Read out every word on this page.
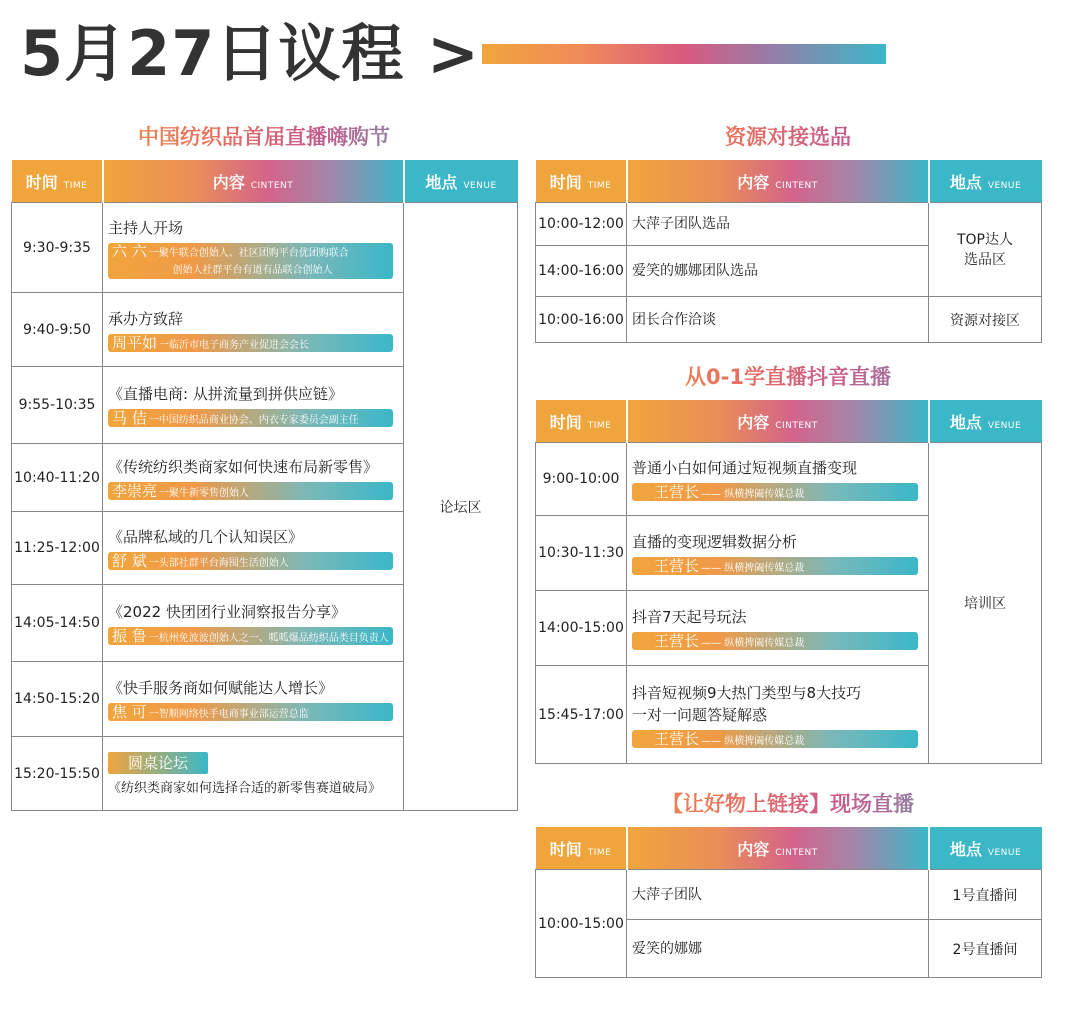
5月27日议程 >
中国纺织品首届直播嗨购节
时间 TIME	内容 CINTENT	地点 VENUE
9:30-9:35	主持人开场
六 六 一聚牛联合创始人、社区团购平台优团购联合
创始人社群平台有道有品联合创始人	论坛区
9:40-9:50	承办方致辞
周平如 一临沂市电子商务产业促进会会长	

9:55-10:35	《直播电商: 从拼流量到拼供应链》
马 佶 一中国纺织品商业协会、内衣专家委员会副主任	

10:40-11:20	《传统纺织类商家如何快速布局新零售》
李崇亮 一聚牛新零售创始人	

11:25-12:00	《品牌私域的几个认知误区》
舒 斌 一头部社群平台海囤生活创始人	

14:05-14:50	《2022 快团团行业洞察报告分享》
振 鲁 一杭州免波波创始人之一、呱呱爆品纺织品类目负责人	

14:50-15:20	《快手服务商如何赋能达人增长》
焦 可 一智顺网络快手电商事业部运营总监	

15:20-15:50	圆桌论坛
《纺织类商家如何选择合适的新零售赛道破局》	
资源对接选品
时间 TIME	内容 CINTENT	地点 VENUE
10:00-12:00	大萍子团队选品	TOP达人
选品区
14:00-16:00	爱笑的娜娜团队选品	
10:00-16:00	团长合作洽谈	资源对接区
从0-1学直播抖音直播
时间 TIME	内容 CINTENT	地点 VENUE
9:00-10:00	普通小白如何通过短视频直播变现
王营长 —— 纵横捭阖传媒总裁	培训区
10:30-11:30	直播的变现逻辑数据分析
王营长 —— 纵横捭阖传媒总裁	

14:00-15:00	抖音7天起号玩法
王营长 —— 纵横捭阖传媒总裁	

15:45-17:00	抖音短视频9大热门类型与8大技巧
一对一问题答疑解惑
王营长 —— 纵横捭阖传媒总裁	
【让好物上链接】现场直播
时间 TIME	内容 CINTENT	地点 VENUE
10:00-15:00	大萍子团队	1号直播间
	爱笑的娜娜	2号直播间
